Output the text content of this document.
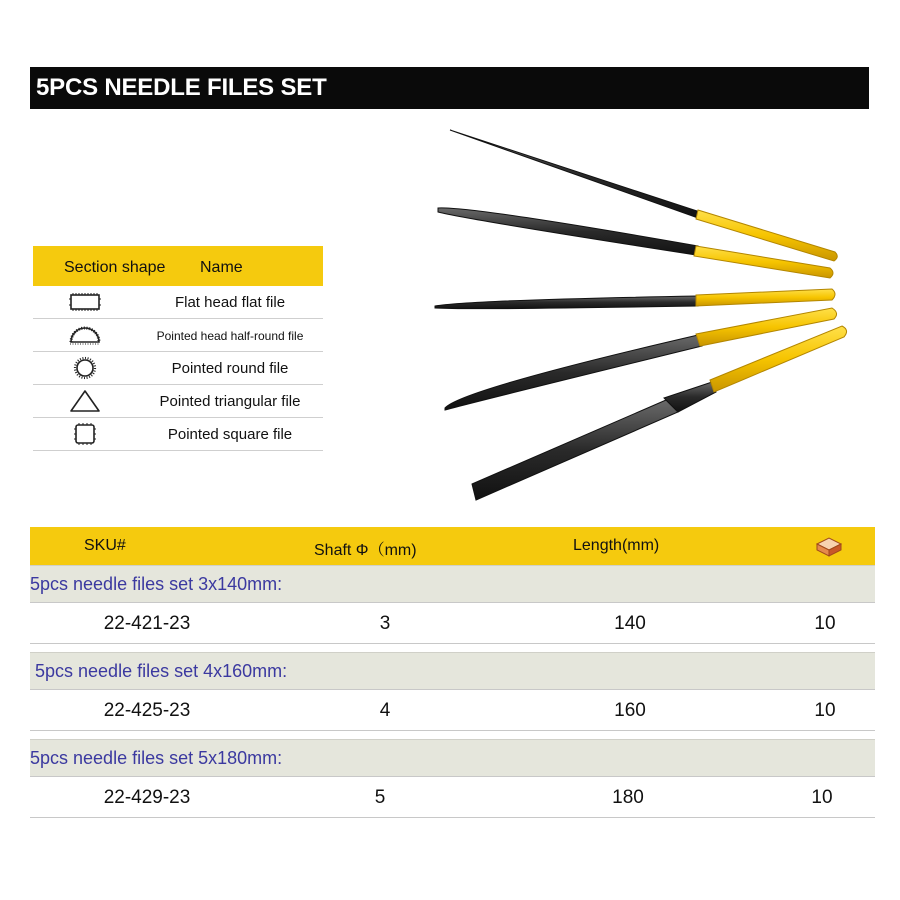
5PCS NEEDLE FILES SET
Section shape Name
Flat head flat file
Pointed head half-round file
Pointed round file
Pointed triangular file
Pointed square file
SKU#	Shaft Φ（mm)	Length(mm)
5pcs needle files set 3x140mm:
22-421-23	3	140	10
5pcs needle files set 4x160mm:
22-425-23	4	160	10
5pcs needle files set 5x180mm:
22-429-23	5	180	10
